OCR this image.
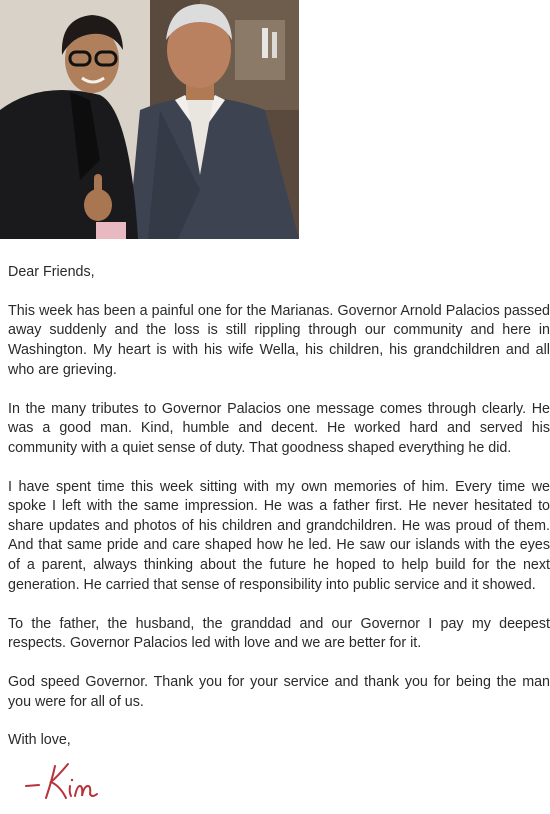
Dear Friends,

This week has been a painful one for the Marianas. Governor Arnold Palacios passed away suddenly and the loss is still rippling through our community and here in Washington. My heart is with his wife Wella, his children, his grandchildren and all who are grieving.

In the many tributes to Governor Palacios one message comes through clearly. He was a good man. Kind, humble and decent. He worked hard and served his community with a quiet sense of duty. That goodness shaped everything he did.

I have spent time this week sitting with my own memories of him. Every time we spoke I left with the same impression. He was a father first. He never hesitated to share updates and photos of his children and grandchildren. He was proud of them. And that same pride and care shaped how he led. He saw our islands with the eyes of a parent, always thinking about the future he hoped to help build for the next generation. He carried that sense of responsibility into public service and it showed.

To the father, the husband, the granddad and our Governor I pay my deepest respects. Governor Palacios led with love and we are better for it.

God speed Governor. Thank you for your service and thank you for being the man you were for all of us.

With love,
